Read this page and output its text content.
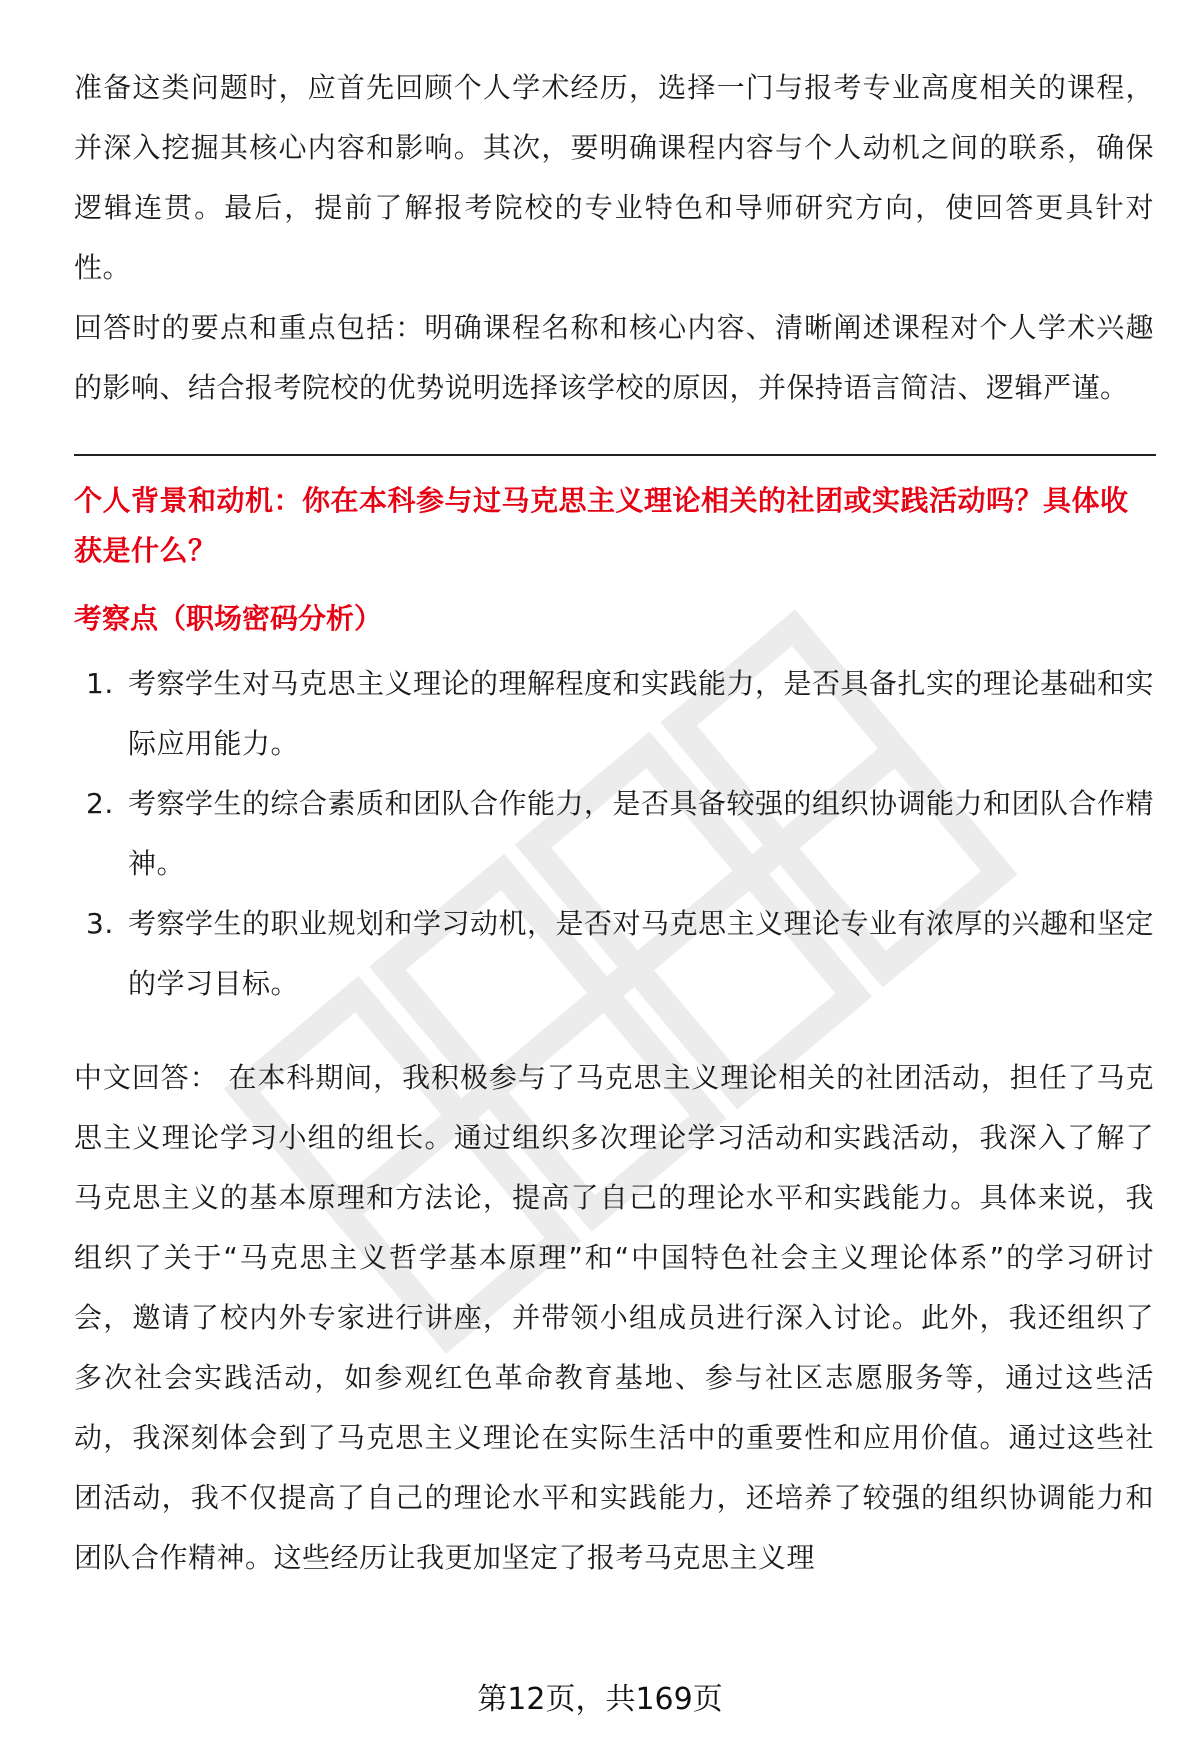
准备这类问题时，应首先回顾个人学术经历，选择一门与报考专业高度相关的课程，并深入挖掘其核心内容和影响。其次，要明确课程内容与个人动机之间的联系，确保逻辑连贯。最后，提前了解报考院校的专业特色和导师研究方向，使回答更具针对性。

回答时的要点和重点包括：明确课程名称和核心内容、清晰阐述课程对个人学术兴趣的影响、结合报考院校的优势说明选择该学校的原因，并保持语言简洁、逻辑严谨。

个人背景和动机：你在本科参与过马克思主义理论相关的社团或实践活动吗？具体收获是什么？

考察点（职场密码分析）
1. 考察学生对马克思主义理论的理解程度和实践能力，是否具备扎实的理论基础和实际应用能力。
2. 考察学生的综合素质和团队合作能力，是否具备较强的组织协调能力和团队合作精神。
3. 考察学生的职业规划和学习动机，是否对马克思主义理论专业有浓厚的兴趣和坚定的学习目标。

中文回答： 在本科期间，我积极参与了马克思主义理论相关的社团活动，担任了马克思主义理论学习小组的组长。通过组织多次理论学习活动和实践活动，我深入了解了马克思主义的基本原理和方法论，提高了自己的理论水平和实践能力。具体来说，我组织了关于“马克思主义哲学基本原理”和“中国特色社会主义理论体系”的学习研讨会，邀请了校内外专家进行讲座，并带领小组成员进行深入讨论。此外，我还组织了多次社会实践活动，如参观红色革命教育基地、参与社区志愿服务等，通过这些活动，我深刻体会到了马克思主义理论在实际生活中的重要性和应用价值。通过这些社团活动，我不仅提高了自己的理论水平和实践能力，还培养了较强的组织协调能力和团队合作精神。这些经历让我更加坚定了报考马克思主义理

第12页，共169页
